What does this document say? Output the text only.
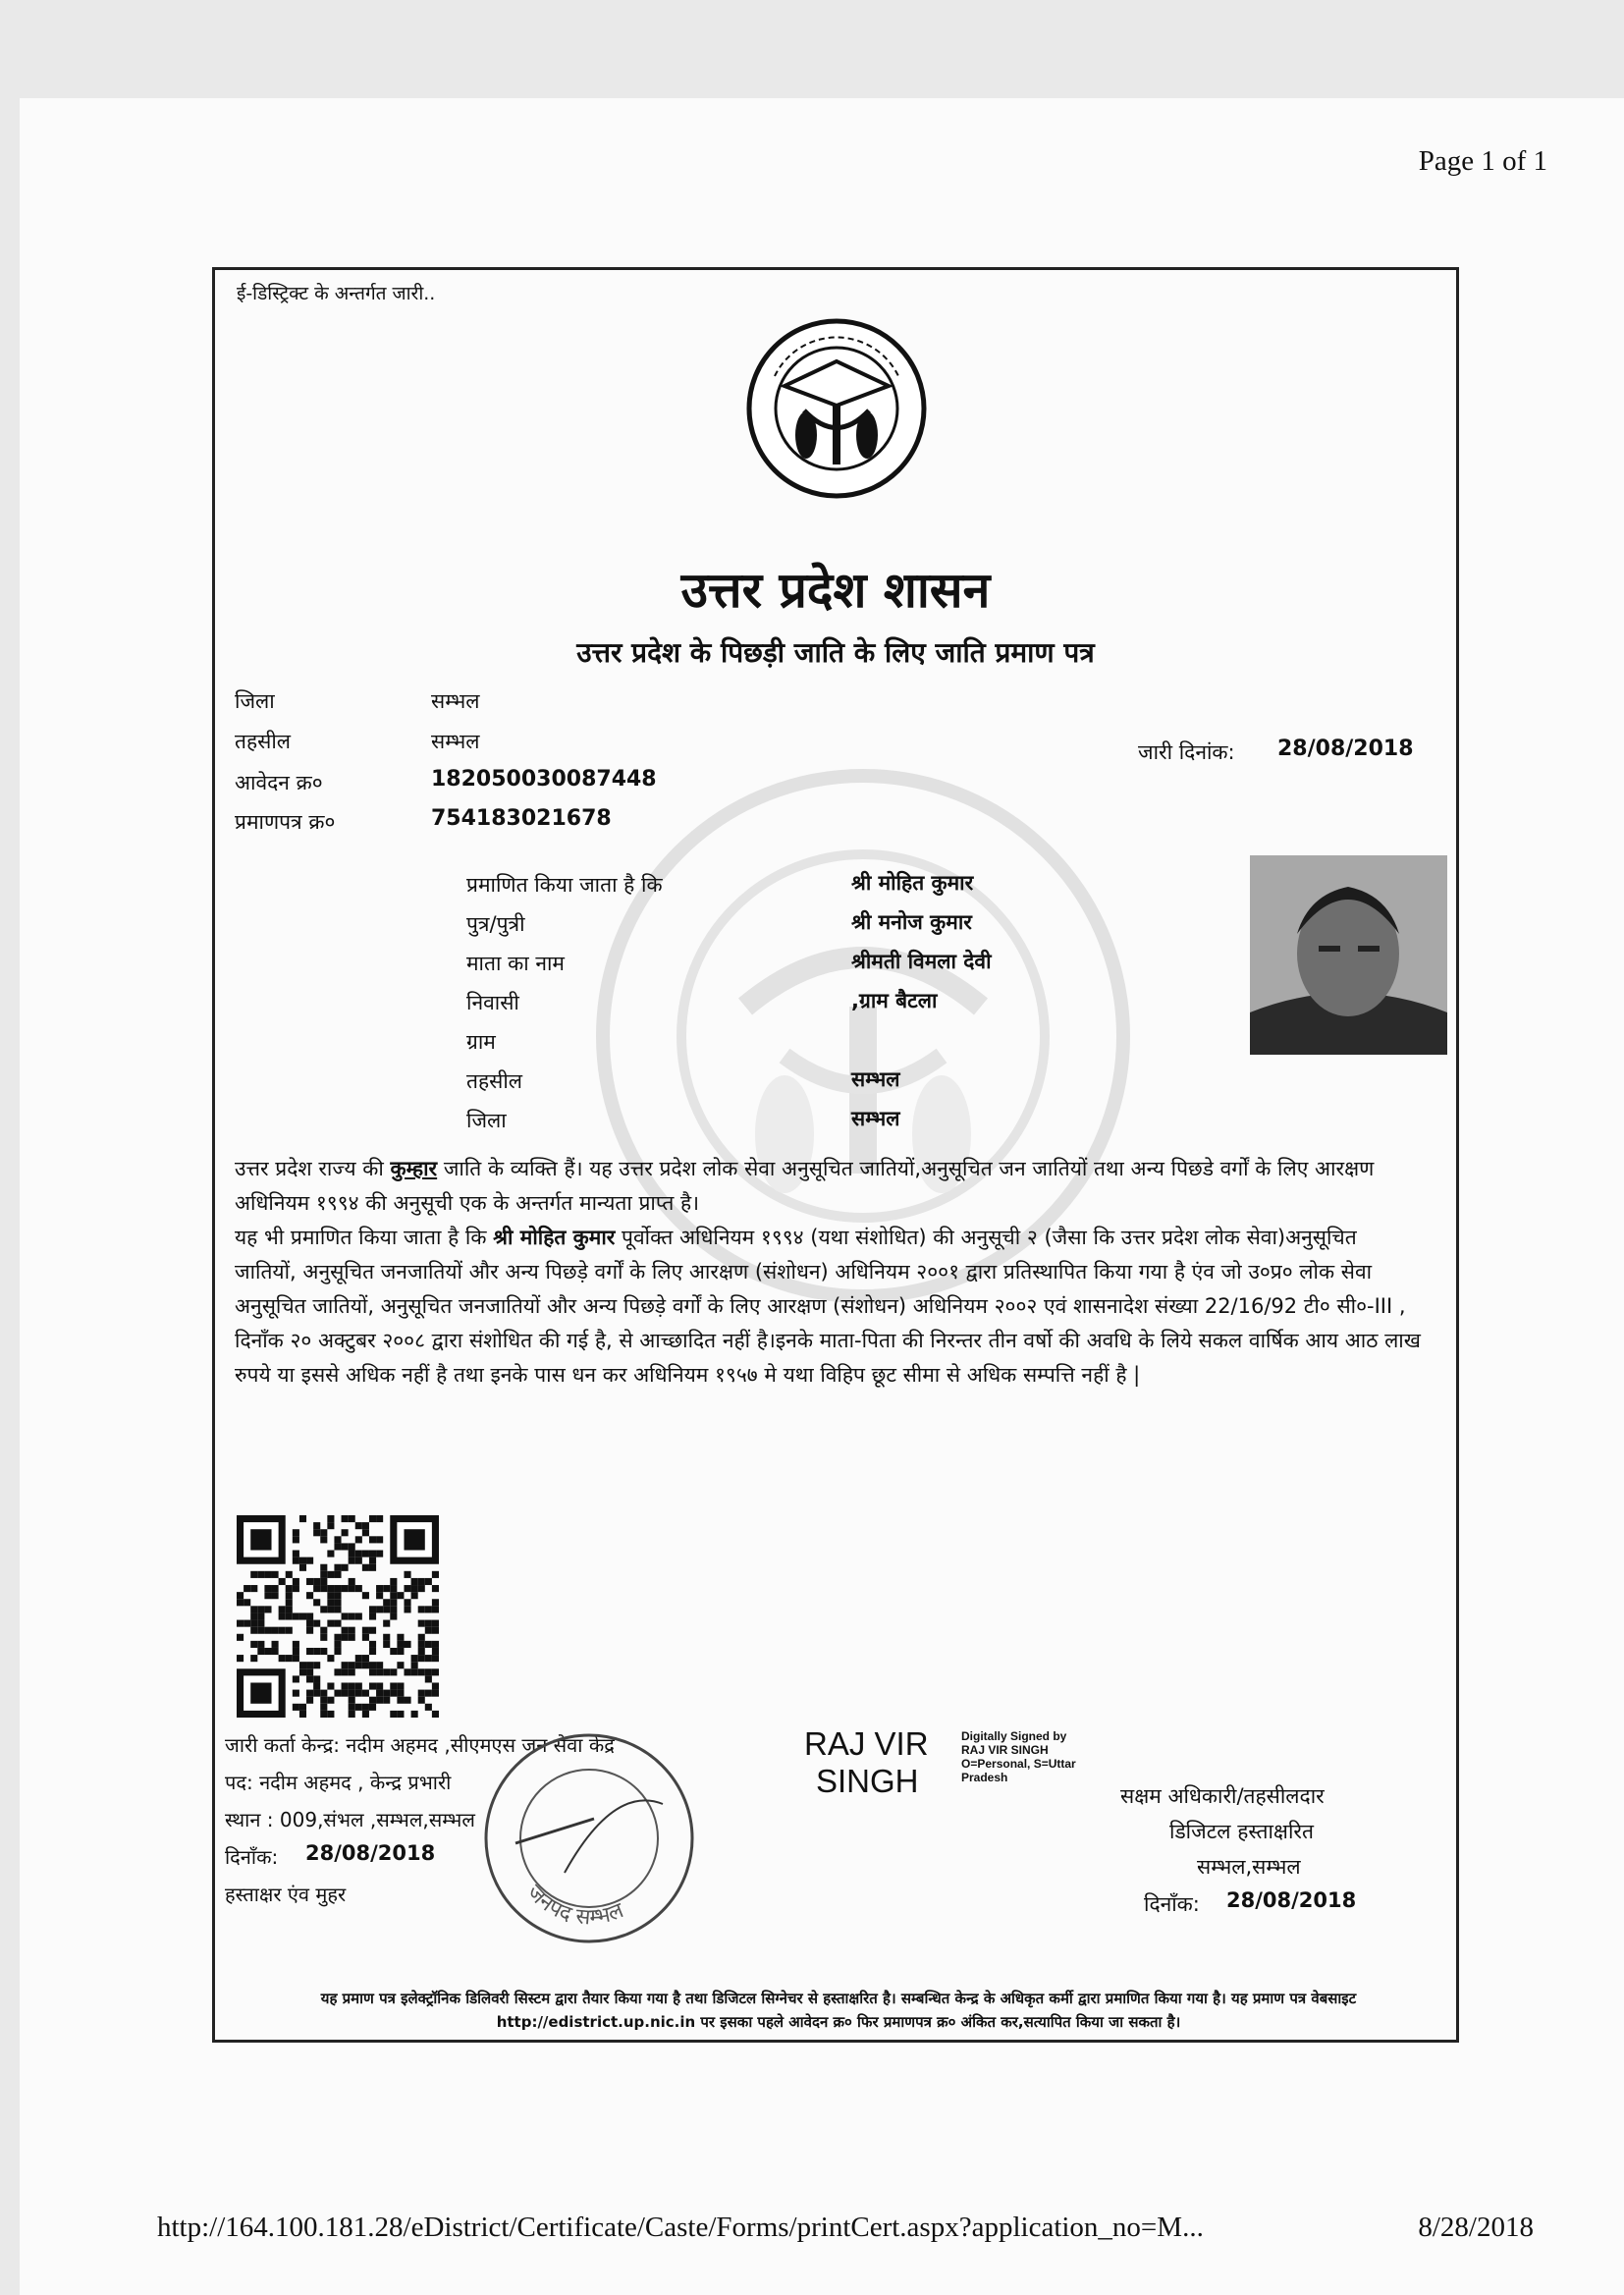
Page 1 of 1
ई-डिस्ट्रिक्ट के अन्तर्गत जारी..
उत्तर प्रदेश शासन
उत्तर प्रदेश के पिछड़ी जाति के लिए जाति प्रमाण पत्र
जिला	सम्भल
तहसील	सम्भल
आवेदन क्र०	182050030087448
प्रमाणपत्र क्र०	754183021678
जारी दिनांक: 28/08/2018
प्रमाणित किया जाता है कि	श्री मोहित कुमार
पुत्र/पुत्री	श्री मनोज कुमार
माता का नाम	श्रीमती विमला देवी
निवासी	,ग्राम बैटला
ग्राम
तहसील	सम्भल
जिला	सम्भल
उत्तर प्रदेश राज्य की कुम्हार जाति के व्यक्ति हैं। यह उत्तर प्रदेश लोक सेवा अनुसूचित जातियों,अनुसूचित जन जातियों तथा अन्य पिछडे वर्गों के लिए आरक्षण अधिनियम १९९४ की अनुसूची एक के अन्तर्गत मान्यता प्राप्त है।
यह भी प्रमाणित किया जाता है कि श्री मोहित कुमार पूर्वोक्त अधिनियम १९९४ (यथा संशोधित) की अनुसूची २ (जैसा कि उत्तर प्रदेश लोक सेवा)अनुसूचित जातियों, अनुसूचित जनजातियों और अन्य पिछड़े वर्गों के लिए आरक्षण (संशोधन) अधिनियम २००१ द्वारा प्रतिस्थापित किया गया है एंव जो उ०प्र० लोक सेवा अनुसूचित जातियों, अनुसूचित जनजातियों और अन्य पिछड़े वर्गों के लिए आरक्षण (संशोधन) अधिनियम २००२ एवं शासनादेश संख्या 22/16/92 टी० सी०-III , दिनाँक २० अक्टुबर २००८ द्वारा संशोधित की गई है, से आच्छादित नहीं है।इनके माता-पिता की निरन्तर तीन वर्षो की अवधि के लिये सकल वार्षिक आय आठ लाख रुपये या इससे अधिक नहीं है तथा इनके पास धन कर अधिनियम १९५७ मे यथा विहिप छूट सीमा से अधिक सम्पत्ति नहीं है |
जारी कर्ता केन्द्र: नदीम अहमद ,सीएमएस जन सेवा केंद्र
पद: नदीम अहमद , केन्द्र प्रभारी
स्थान : 009,संभल ,सम्भल,सम्भल
दिनाँक: 28/08/2018
हस्ताक्षर एंव मुहर	जनपद सम्भल
RAJ VIR
SINGH
Digitally Signed by
RAJ VIR SINGH
O=Personal, S=Uttar
Pradesh
सक्षम अधिकारी/तहसीलदार
डिजिटल हस्ताक्षरित
सम्भल,सम्भल
दिनाँक: 28/08/2018
यह प्रमाण पत्र इलेक्ट्रॉनिक डिलिवरी सिस्टम द्वारा तैयार किया गया है तथा डिजिटल सिग्नेचर से हस्ताक्षरित है। सम्बन्धित केन्द्र के अधिकृत कर्मी द्वारा प्रमाणित किया गया है। यह प्रमाण पत्र वेबसाइट http://edistrict.up.nic.in पर इसका पहले आवेदन क्र० फिर प्रमाणपत्र क्र० अंकित कर,सत्यापित किया जा सकता है।
http://164.100.181.28/eDistrict/Certificate/Caste/Forms/printCert.aspx?application_no=M...	8/28/2018
